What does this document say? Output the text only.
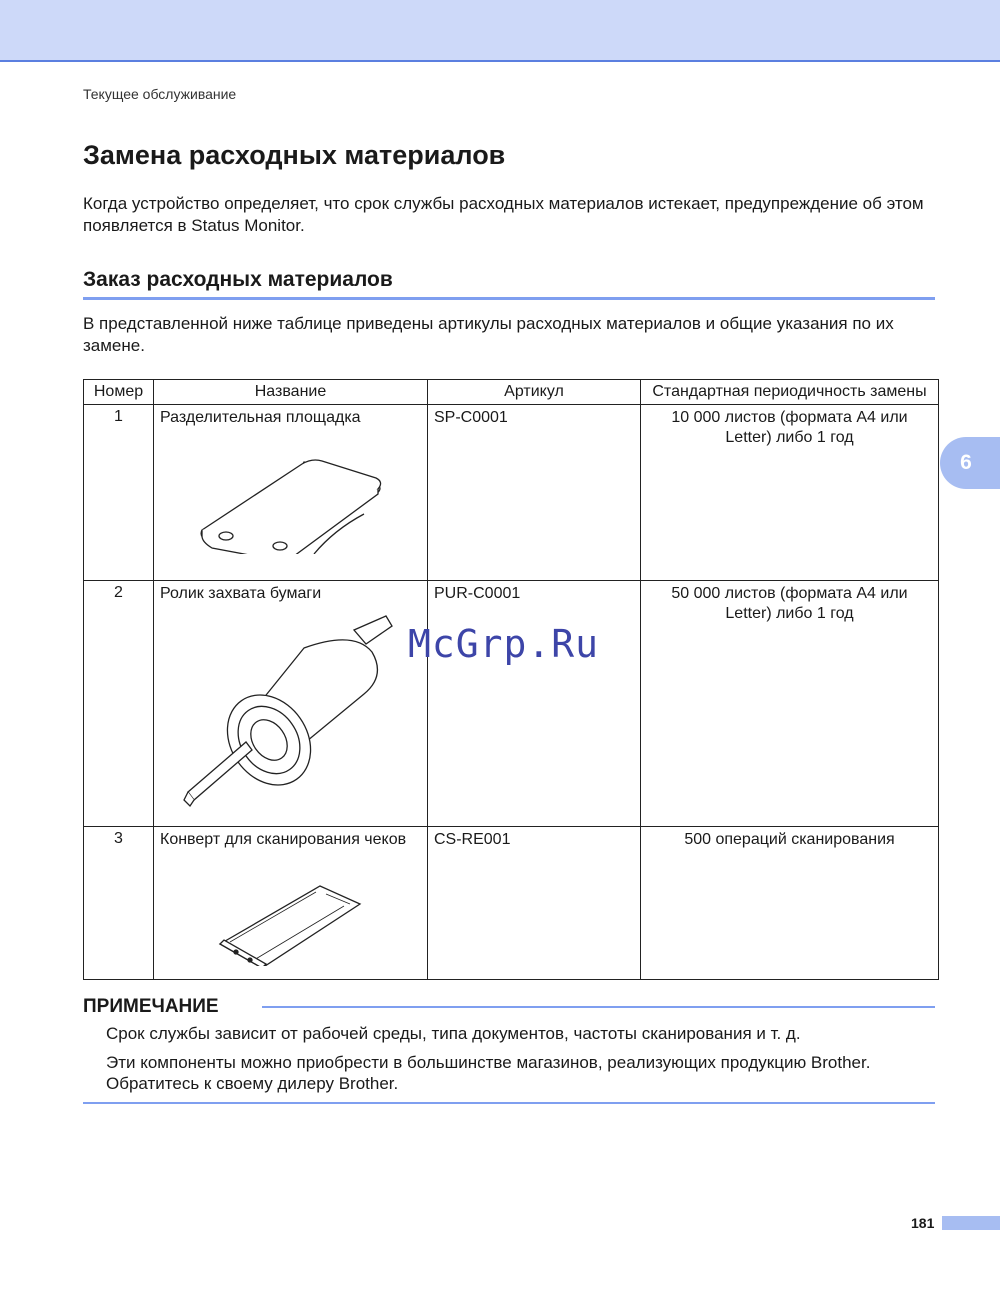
Текущее обслуживание
Замена расходных материалов

Когда устройство определяет, что срок службы расходных материалов истекает, предупреждение об этом появляется в Status Monitor.

Заказ расходных материалов

В представленной ниже таблице приведены артикулы расходных материалов и общие указания по их замене.

Номер	Название	Артикул	Стандартная периодичность замены

1	Разделительная площадка	SP-C0001	10 000 листов (формата A4 или Letter) либо 1 год

2	Ролик захвата бумаги	PUR-C0001	50 000 листов (формата A4 или Letter) либо 1 год

3	Конверт для сканирования чеков	CS-RE001	500 операций сканирования
6
McGrp.Ru
ПРИМЕЧАНИЕ

Срок службы зависит от рабочей среды, типа документов, частоты сканирования и т. д.

Эти компоненты можно приобрести в большинстве магазинов, реализующих продукцию Brother. Обратитесь к своему дилеру Brother.

181
